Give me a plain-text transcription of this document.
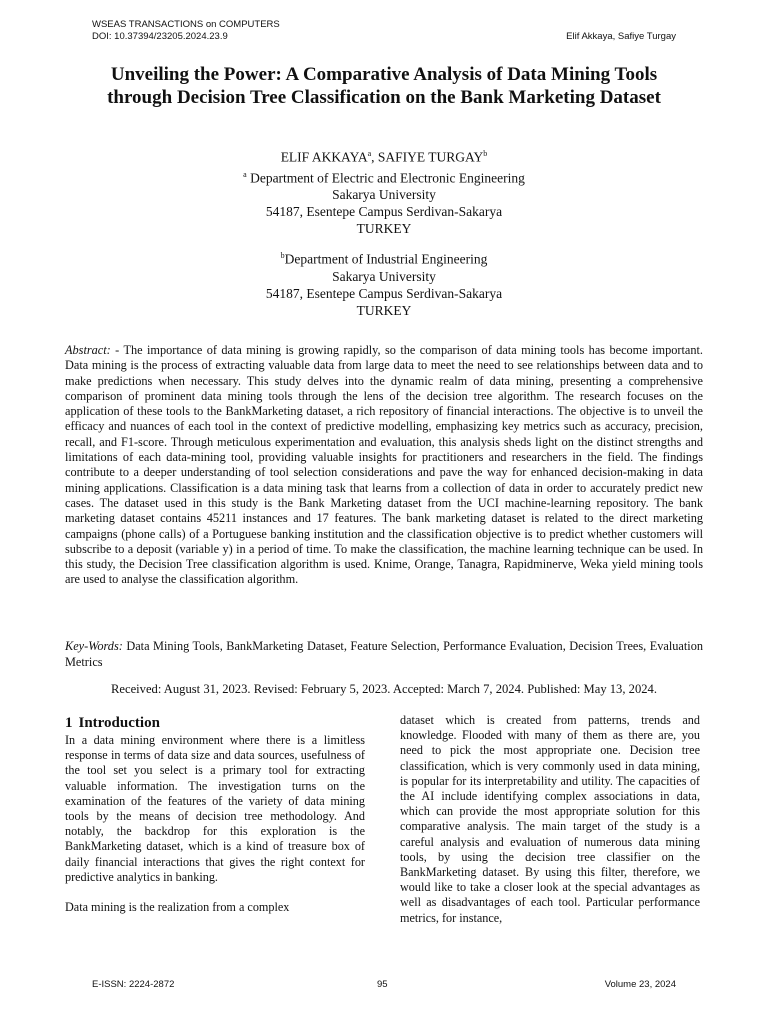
WSEAS TRANSACTIONS on COMPUTERS
DOI: 10.37394/23205.2024.23.9	Elif Akkaya, Safiye Turgay
Unveiling the Power: A Comparative Analysis of Data Mining Tools
through Decision Tree Classification on the Bank Marketing Dataset
ELIF AKKAYA$^a$, SAFIYE TURGAY$^b$
$^a$ Department of Electric and Electronic Engineering
Sakarya University
54187, Esentepe Campus Serdivan-Sakarya
TURKEY
$^b$Department of Industrial Engineering
Sakarya University
54187, Esentepe Campus Serdivan-Sakarya
TURKEY
Abstract: - The importance of data mining is growing rapidly, so the comparison of data mining tools has become important. Data mining is the process of extracting valuable data from large data to meet the need to see relationships between data and to make predictions when necessary. This study delves into the dynamic realm of data mining, presenting a comprehensive comparison of prominent data mining tools through the lens of the decision tree algorithm. The research focuses on the application of these tools to the BankMarketing dataset, a rich repository of financial interactions. The objective is to unveil the efficacy and nuances of each tool in the context of predictive modelling, emphasizing key metrics such as accuracy, precision, recall, and F1-score. Through meticulous experimentation and evaluation, this analysis sheds light on the distinct strengths and limitations of each data-mining tool, providing valuable insights for practitioners and researchers in the field. The findings contribute to a deeper understanding of tool selection considerations and pave the way for enhanced decision-making in data mining applications. Classification is a data mining task that learns from a collection of data in order to accurately predict new cases. The dataset used in this study is the Bank Marketing dataset from the UCI machine-learning repository. The bank marketing dataset contains 45211 instances and 17 features. The bank marketing dataset is related to the direct marketing campaigns (phone calls) of a Portuguese banking institution and the classification objective is to predict whether customers will subscribe to a deposit (variable y) in a period of time. To make the classification, the machine learning technique can be used. In this study, the Decision Tree classification algorithm is used. Knime, Orange, Tanagra, Rapidminerve, Weka yield mining tools are used to analyse the classification algorithm.
Key-Words: Data Mining Tools, BankMarketing Dataset, Feature Selection, Performance Evaluation, Decision Trees, Evaluation Metrics
Received: August 31, 2023. Revised: February 5, 2023. Accepted: March 7, 2024. Published: May 13, 2024.
1 Introduction
In a data mining environment where there is a limitless response in terms of data size and data sources, usefulness of the tool set you select is a primary tool for extracting valuable information. The investigation turns on the examination of the features of the variety of data mining tools by the means of decision tree methodology. And notably, the backdrop for this exploration is the BankMarketing dataset, which is a kind of treasure box of daily financial interactions that gives the right context for predictive analytics in banking.
Data mining is the realization from a complex
dataset which is created from patterns, trends and knowledge. Flooded with many of them as there are, you need to pick the most appropriate one. Decision tree classification, which is very commonly used in data mining, is popular for its interpretability and utility. The capacities of the AI include identifying complex associations in data, which can provide the most appropriate solution for this comparative analysis. The main target of the study is a careful analysis and evaluation of numerous data mining tools, by using the decision tree classifier on the BankMarketing dataset. By using this filter, therefore, we would like to take a closer look at the special advantages as well as disadvantages of each tool. Particular performance metrics, for instance,
E-ISSN: 2224-2872	95	Volume 23, 2024
